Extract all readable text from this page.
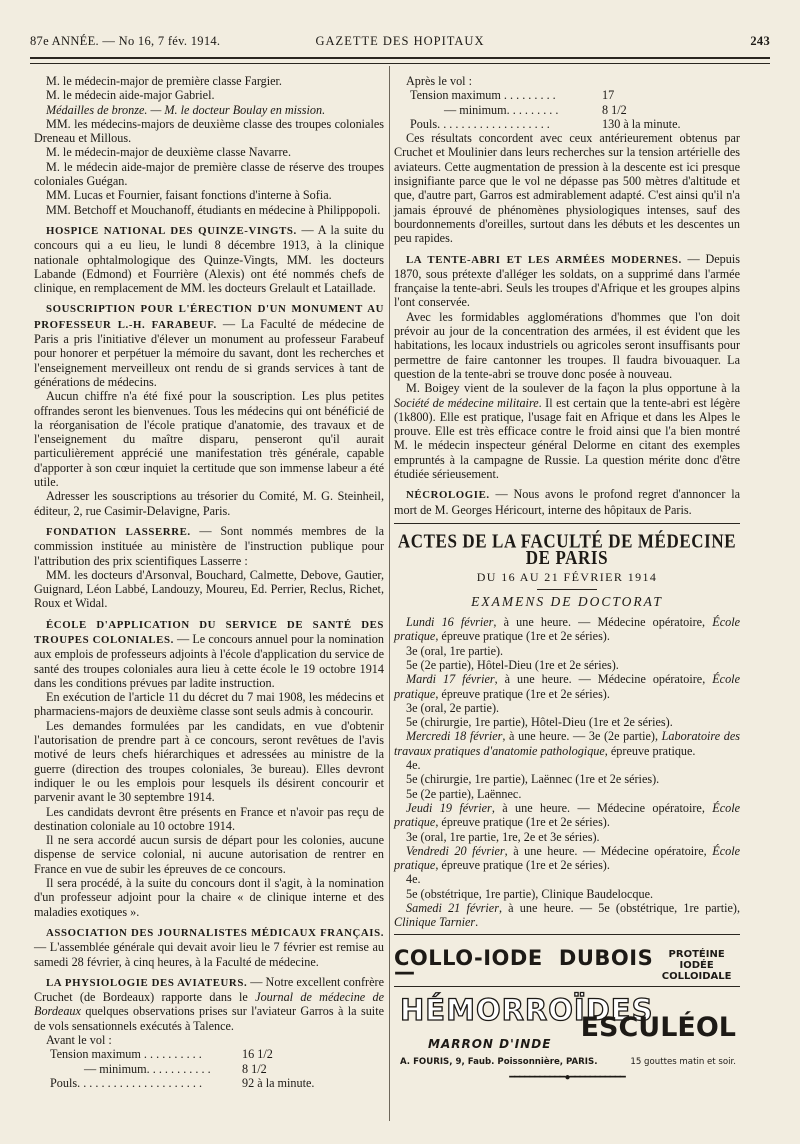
87e ANNÉE. — No 16, 7 fév. 1914.	GAZETTE DES HOPITAUX	243

M. le médecin-major de première classe Fargier.

M. le médecin aide-major Gabriel.

Médailles de bronze. — M. le docteur Boulay en mission.

MM. les médecins-majors de deuxième classe des troupes coloniales Dreneau et Millous.

M. le médecin-major de deuxième classe Navarre.

M. le médecin aide-major de première classe de réserve des troupes coloniales Guégan.

MM. Lucas et Fournier, faisant fonctions d'interne à Sofia.

MM. Betchoff et Mouchanoff, étudiants en médecine à Philippopoli.

HOSPICE NATIONAL DES QUINZE-VINGTS. — A la suite du concours qui a eu lieu, le lundi 8 décembre 1913, à la clinique nationale ophtalmologique des Quinze-Vingts, MM. les docteurs Labande (Edmond) et Fourrière (Alexis) ont été nommés chefs de clinique, en remplacement de MM. les docteurs Grelault et Lataillade.

SOUSCRIPTION POUR L'ÉRECTION D'UN MONUMENT AU PROFESSEUR L.-H. FARABEUF. — La Faculté de médecine de Paris a pris l'initiative d'élever un monument au professeur Farabeuf pour honorer et perpétuer la mémoire du savant, dont les recherches et l'enseignement merveilleux ont rendu de si grands services à tant de générations de médecins.

Aucun chiffre n'a été fixé pour la souscription. Les plus petites offrandes seront les bienvenues. Tous les médecins qui ont bénéficié de la réorganisation de l'école pratique d'anatomie, des travaux et de l'enseignement du maître disparu, penseront qu'il aurait particulièrement apprécié une manifestation très générale, capable d'apporter à son cœur inquiet la certitude que son immense labeur a été utile.

Adresser les souscriptions au trésorier du Comité, M. G. Steinheil, éditeur, 2, rue Casimir-Delavigne, Paris.

FONDATION LASSERRE. — Sont nommés membres de la commission instituée au ministère de l'instruction publique pour l'attribution des prix scientifiques Lasserre :

MM. les docteurs d'Arsonval, Bouchard, Calmette, Debove, Gautier, Guignard, Léon Labbé, Landouzy, Moureu, Ed. Perrier, Reclus, Richet, Roux et Widal.

ÉCOLE D'APPLICATION DU SERVICE DE SANTÉ DES TROUPES COLONIALES. — Le concours annuel pour la nomination aux emplois de professeurs adjoints à l'école d'application du service de santé des troupes coloniales aura lieu à cette école le 19 octobre 1914 dans les conditions prévues par ladite instruction.

En exécution de l'article 11 du décret du 7 mai 1908, les médecins et pharmaciens-majors de deuxième classe sont seuls admis à concourir.

Les demandes formulées par les candidats, en vue d'obtenir l'autorisation de prendre part à ce concours, seront revêtues de l'avis motivé de leurs chefs hiérarchiques et adressées au ministre de la guerre (direction des troupes coloniales, 3e bureau). Elles devront indiquer le ou les emplois pour lesquels ils désirent concourir et parvenir avant le 30 septembre 1914.

Les candidats devront être présents en France et n'avoir pas reçu de destination coloniale au 10 octobre 1914.

Il ne sera accordé aucun sursis de départ pour les colonies, aucune dispense de service colonial, ni aucune autorisation de rentrer en France en vue de subir les épreuves de ce concours.

Il sera procédé, à la suite du concours dont il s'agit, à la nomination d'un professeur adjoint pour la chaire « de clinique interne et des maladies exotiques ».

ASSOCIATION DES JOURNALISTES MÉDICAUX FRANÇAIS. — L'assemblée générale qui devait avoir lieu le 7 février est remise au samedi 28 février, à cinq heures, à la Faculté de médecine.

LA PHYSIOLOGIE DES AVIATEURS. — Notre excellent confrère Cruchet (de Bordeaux) rapporte dans le Journal de médecine de Bordeaux quelques observations prises sur l'aviateur Garros à la suite de vols sensationnels exécutés à Talence.

Avant le vol :

Tension maximum . . . . . . . . . .	16 1/2
— minimum. . . . . . . . . . .	8 1/2
Pouls. . . . . . . . . . . . . . . . . . . . .	92 à la minute.

Après le vol :

Tension maximum . . . . . . . . .	17
— minimum. . . . . . . . .	8 1/2
Pouls. . . . . . . . . . . . . . . . . . .	130 à la minute.

Ces résultats concordent avec ceux antérieurement obtenus par Cruchet et Moulinier dans leurs recherches sur la tension artérielle des aviateurs. Cette augmentation de pression à la descente est ici presque insignifiante parce que le vol ne dépasse pas 500 mètres d'altitude et que, d'autre part, Garros est admirablement adapté. C'est ainsi qu'il n'a jamais éprouvé de phénomènes physiologiques intenses, sauf des bourdonnements d'oreilles, surtout dans les débuts et les descentes un peu rapides.

LA TENTE-ABRI ET LES ARMÉES MODERNES. — Depuis 1870, sous prétexte d'alléger les soldats, on a supprimé dans l'armée française la tente-abri. Seuls les troupes d'Afrique et les groupes alpins l'ont conservée.

Avec les formidables agglomérations d'hommes que l'on doit prévoir au jour de la concentration des armées, il est évident que les habitations, les locaux industriels ou agricoles seront insuffisants pour permettre de faire cantonner les troupes. Il faudra bivouaquer. La question de la tente-abri se trouve donc posée à nouveau.

M. Boigey vient de la soulever de la façon la plus opportune à la Société de médecine militaire. Il est certain que la tente-abri est légère (1k800). Elle est pratique, l'usage fait en Afrique et dans les Alpes le prouve. Elle est très efficace contre le froid ainsi que l'a bien montré M. le médecin inspecteur général Delorme en citant des exemples empruntés à la campagne de Russie. La question mérite donc d'être étudiée sérieusement.

NÉCROLOGIE. — Nous avons le profond regret d'annoncer la mort de M. Georges Héricourt, interne des hôpitaux de Paris.

ACTES DE LA FACULTÉ DE MÉDECINE DE PARIS
DU 16 AU 21 FÉVRIER 1914
EXAMENS DE DOCTORAT

Lundi 16 février, à une heure. — Médecine opératoire, École pratique, épreuve pratique (1re et 2e séries).

3e (oral, 1re partie).

5e (2e partie), Hôtel-Dieu (1re et 2e séries).

Mardi 17 février, à une heure. — Médecine opératoire, École pratique, épreuve pratique (1re et 2e séries).

3e (oral, 2e partie).

5e (chirurgie, 1re partie), Hôtel-Dieu (1re et 2e séries).

Mercredi 18 février, à une heure. — 3e (2e partie), Laboratoire des travaux pratiques d'anatomie pathologique, épreuve pratique.

4e.

5e (chirurgie, 1re partie), Laënnec (1re et 2e séries).

5e (2e partie), Laënnec.

Jeudi 19 février, à une heure. — Médecine opératoire, École pratique, épreuve pratique (1re et 2e séries).

3e (oral, 1re partie, 1re, 2e et 3e séries).

Vendredi 20 février, à une heure. — Médecine opératoire, École pratique, épreuve pratique (1re et 2e séries).

4e.

5e (obstétrique, 1re partie), Clinique Baudelocque.

Samedi 21 février, à une heure. — 5e (obstétrique, 1re partie), Clinique Tarnier.

COLLO-IODE DUBOIS —
PROTÉINE IODÉE
COLLOIDALE
HÉMORROÏDES
MARRON D'INDE
ESCULÉOL
A. FOURIS, 9, Faub. Poissonnière, PARIS.	15 gouttes matin et soir.
━━━━━━━━━━━●━━━━━━━━━━━
